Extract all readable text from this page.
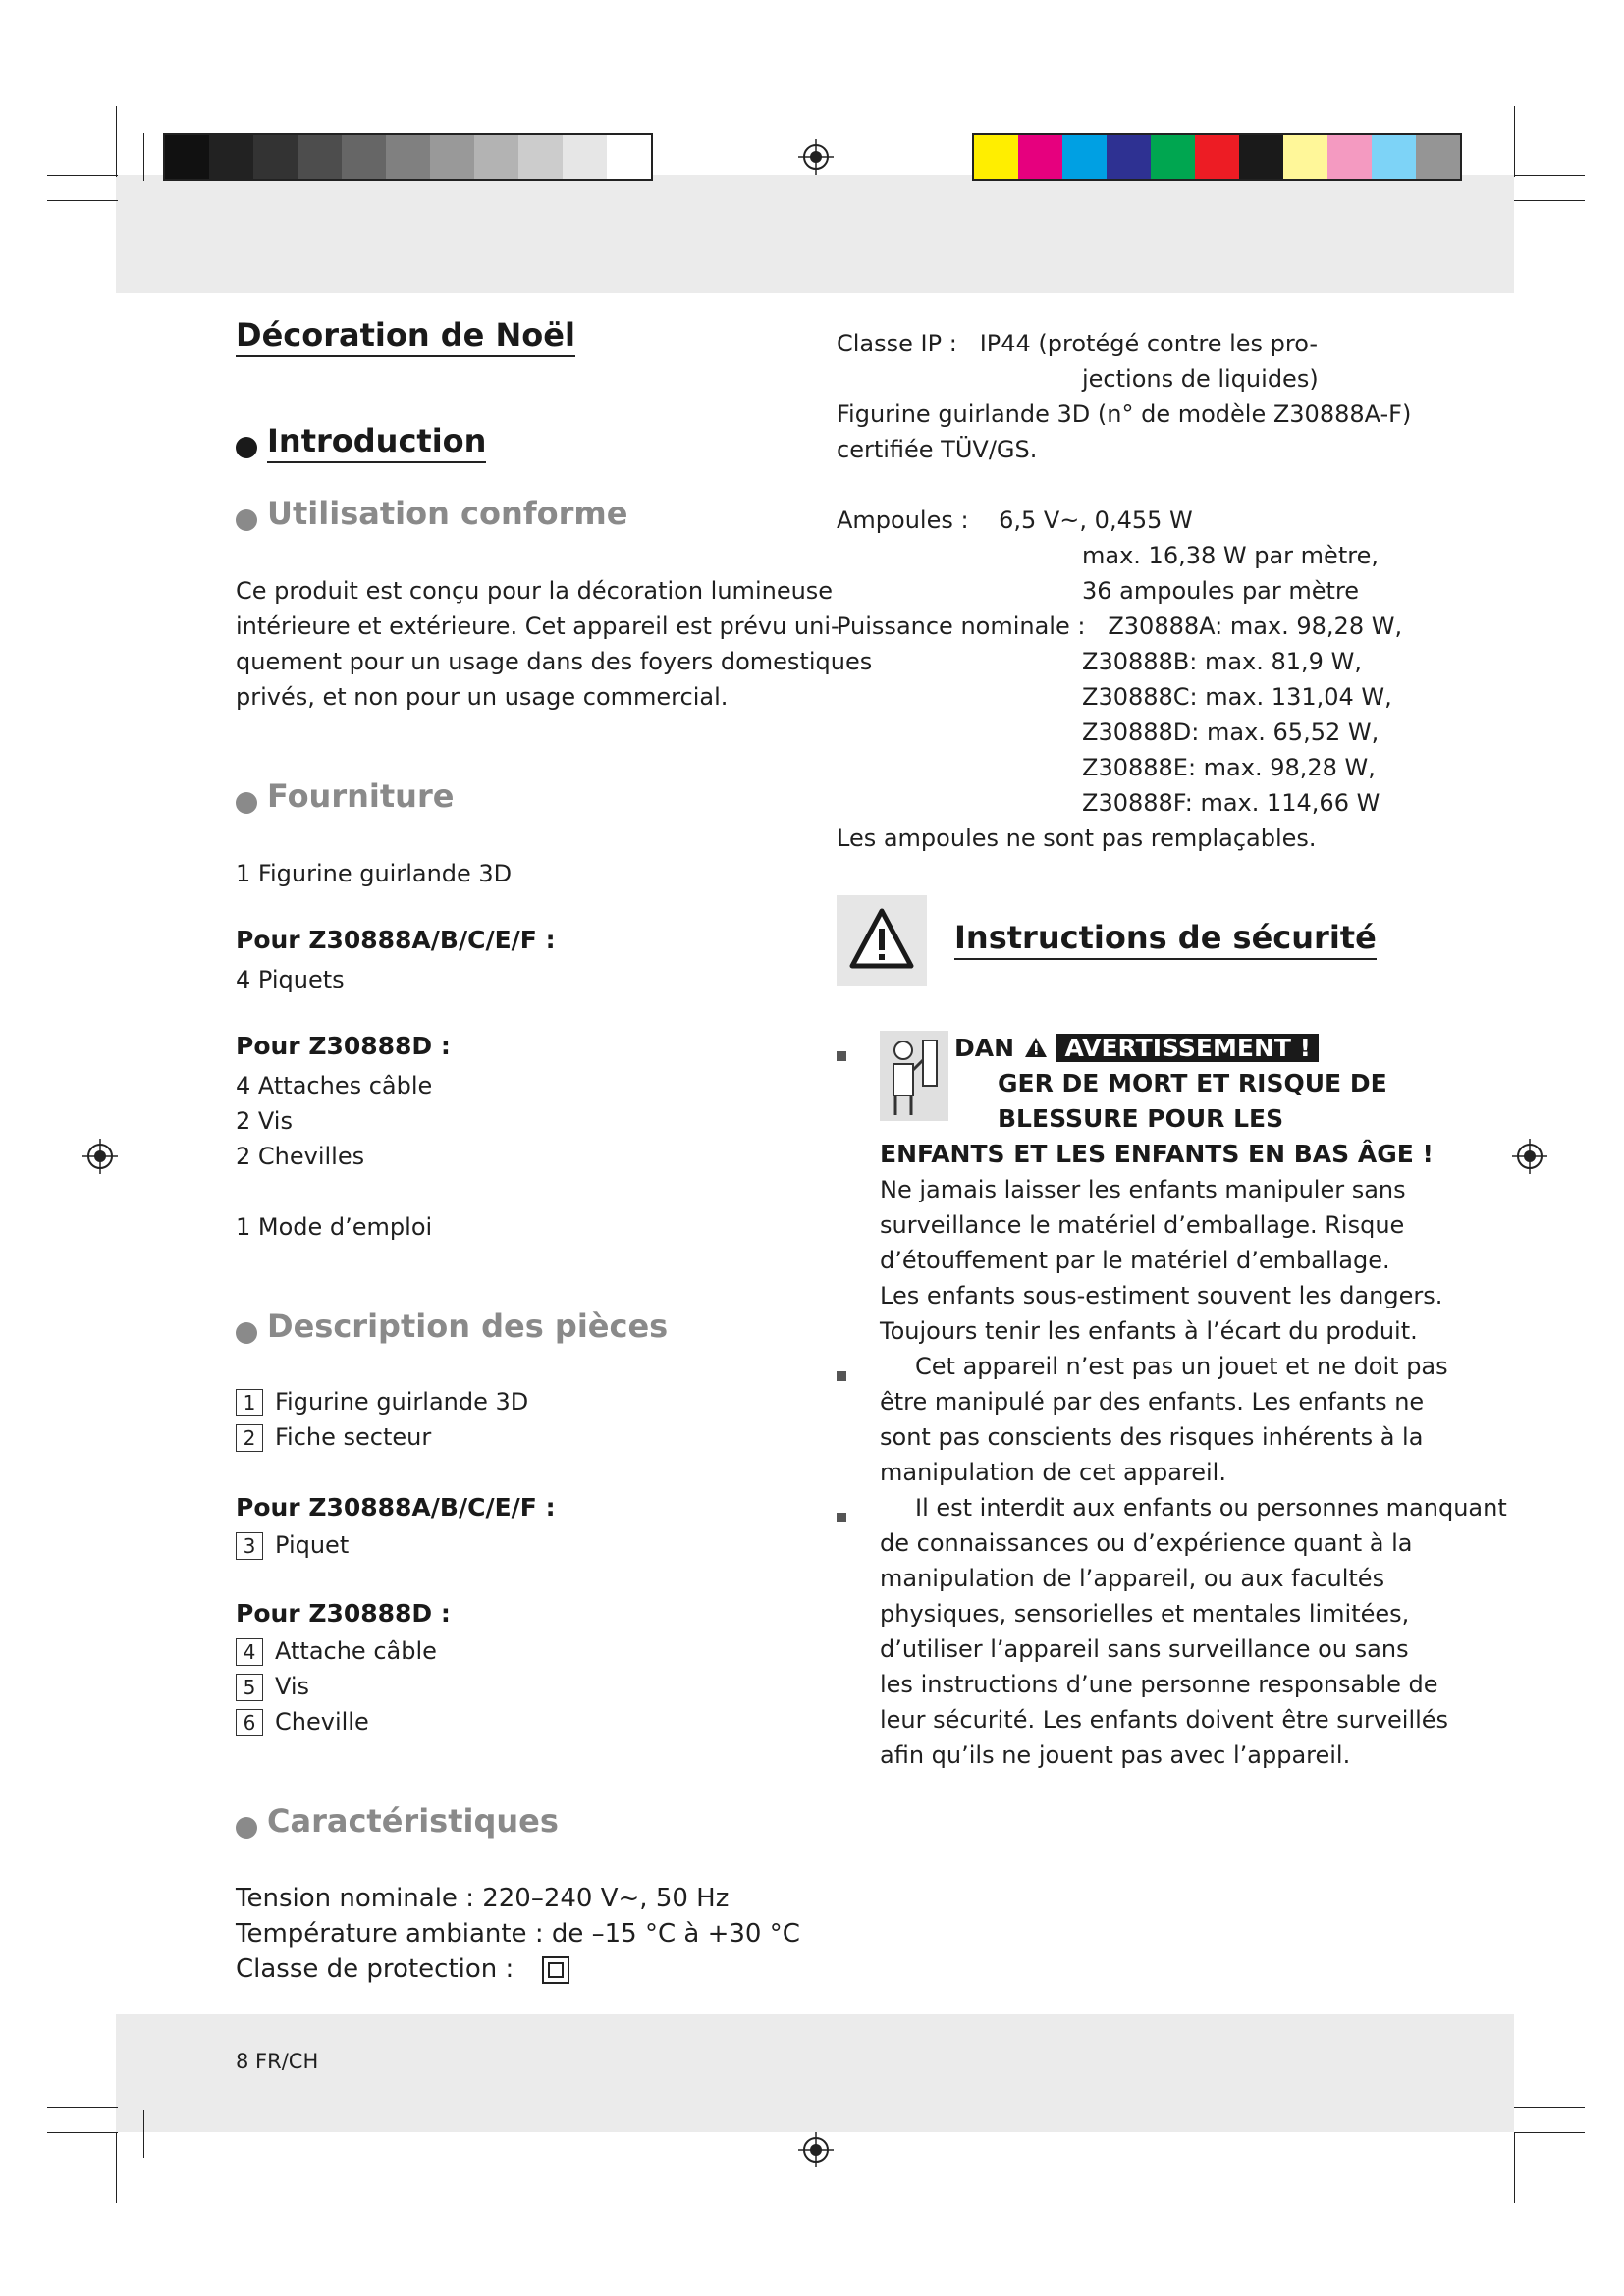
Décoration de Noël
Introduction
Utilisation conforme
Ce produit est conçu pour la décoration lumineuse
intérieure et extérieure. Cet appareil est prévu uni-
quement pour un usage dans des foyers domestiques
privés, et non pour un usage commercial.
Fourniture
1 Figurine guirlande 3D
Pour Z30888A/B/C/E/F :
4 Piquets
Pour Z30888D :
4 Attaches câble
2 Vis
2 Chevilles
1 Mode d’emploi
Description des pièces
1 Figurine guirlande 3D
2 Fiche secteur
Pour Z30888A/B/C/E/F :
3 Piquet
Pour Z30888D :
4 Attache câble
5 Vis
6 Cheville
Caractéristiques
Tension nominale : 220–240 V~, 50 Hz
Température ambiante : de –15 °C à +30 °C
Classe de protection :
Classe IP : IP44 (protégé contre les pro-
jections de liquides)
Figurine guirlande 3D (n° de modèle Z30888A-F)
certifiée TÜV/GS.
Ampoules : 6,5 V~, 0,455 W
max. 16,38 W par mètre,
36 ampoules par mètre
Puissance nominale : Z30888A: max. 98,28 W,
Z30888B: max. 81,9 W,
Z30888C: max. 131,04 W,
Z30888D: max. 65,52 W,
Z30888E: max. 98,28 W,
Z30888F: max. 114,66 W
Les ampoules ne sont pas remplaçables.
Instructions de sécurité
DAN AVERTISSEMENT !
GER DE MORT ET RISQUE DE
BLESSURE POUR LES
ENFANTS ET LES ENFANTS EN BAS ÂGE !
Ne jamais laisser les enfants manipuler sans
surveillance le matériel d’emballage. Risque
d’étouffement par le matériel d’emballage.
Les enfants sous-estiment souvent les dangers.
Toujours tenir les enfants à l’écart du produit.
Cet appareil n’est pas un jouet et ne doit pas
être manipulé par des enfants. Les enfants ne
sont pas conscients des risques inhérents à la
manipulation de cet appareil.
Il est interdit aux enfants ou personnes manquant
de connaissances ou d’expérience quant à la
manipulation de l’appareil, ou aux facultés
physiques, sensorielles et mentales limitées,
d’utiliser l’appareil sans surveillance ou sans
les instructions d’une personne responsable de
leur sécurité. Les enfants doivent être surveillés
afin qu’ils ne jouent pas avec l’appareil.
8 FR/CH
